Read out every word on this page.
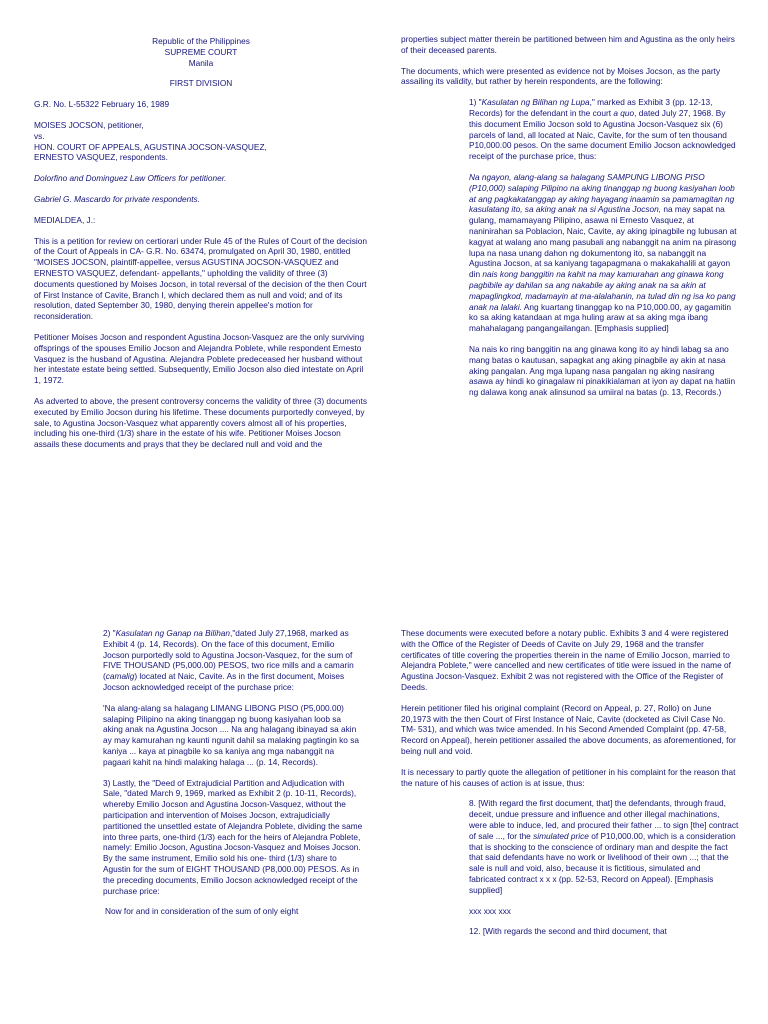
Republic of the Philippines
SUPREME COURT
Manila

FIRST DIVISION

G.R. No. L-55322 February 16, 1989

MOISES JOCSON, petitioner,
vs.
HON. COURT OF APPEALS, AGUSTINA JOCSON-VASQUEZ, ERNESTO VASQUEZ, respondents.

Dolorfino and Dominguez Law Officers for petitioner.

Gabriel G. Mascardo for private respondents.

MEDIALDEA, J.:

This is a petition for review on certiorari under Rule 45 of the Rules of Court of the decision of the Court of Appeals in CA- G.R. No. 63474, promulgated on April 30, 1980, entitled "MOISES JOCSON, plaintiff-appellee, versus AGUSTINA JOCSON-VASQUEZ and ERNESTO VASQUEZ, defendant- appellants," upholding the validity of three (3) documents questioned by Moises Jocson, in total reversal of the decision of the then Court of First Instance of Cavite, Branch I, which declared them as null and void; and of its resolution, dated September 30, 1980, denying therein appellee's motion for reconsideration.

Petitioner Moises Jocson and respondent Agustina Jocson-Vasquez are the only surviving offsprings of the spouses Emilio Jocson and Alejandra Poblete, while respondent Ernesto Vasquez is the husband of Agustina. Alejandra Poblete predeceased her husband without her intestate estate being settled. Subsequently, Emilio Jocson also died intestate on April 1, 1972.

As adverted to above, the present controversy concerns the validity of three (3) documents executed by Emilio Jocson during his lifetime. These documents purportedly conveyed, by sale, to Agustina Jocson-Vasquez what apparently covers almost all of his properties, including his one-third (1/3) share in the estate of his wife. Petitioner Moises Jocson assails these documents and prays that they be declared null and void and the

properties subject matter therein be partitioned between him and Agustina as the only heirs of their deceased parents.

The documents, which were presented as evidence not by Moises Jocson, as the party assailing its validity, but rather by herein respondents, are the following:

1) "Kasulatan ng Bilihan ng Lupa," marked as Exhibit 3 (pp. 12-13, Records) for the defendant in the court a quo, dated July 27, 1968. By this document Emilio Jocson sold to Agustina Jocson-Vasquez six (6) parcels of land, all located at Naic, Cavite, for the sum of ten thousand P10,000.00 pesos. On the same document Emilio Jocson acknowledged receipt of the purchase price, thus:

Na ngayon, alang-alang sa halagang SAMPUNG LIBONG PISO (P10,000) salaping Pilipino na aking tinanggap ng buong kasiyahan loob at ang pagkakatanggap ay aking hayagang inaamin sa pamamagitan ng kasulatang ito, sa aking anak na si Agustina Jocson, na may sapat na gulang, mamamayang Pilipino, asawa ni Ernesto Vasquez, at naninirahan sa Poblacion, Naic, Cavite, ay aking ipinagbile ng lubusan at kagyat at walang ano mang pasubali ang nabanggit na anim na pirasong lupa na nasa unang dahon ng dokumentong ito, sa nabanggit na Agustina Jocson, at sa kaniyang tagapagmana o makakahalili at gayon din nais kong banggitin na kahit na may kamurahan ang ginawa kong pagbibile ay dahilan sa ang nakabile ay aking anak na sa akin at mapaglingkod, madamayin at ma-alalahanin, na tulad din ng isa ko pang anak na lalaki. Ang kuartang tinanggap ko na P10,000.00, ay gagamitin ko sa aking katandaan at mga huling araw at sa aking mga ibang mahahalagang pangangailangan. [Emphasis supplied]

Na nais ko ring banggitin na ang ginawa kong ito ay hindi labag sa ano mang batas o kautusan, sapagkat ang aking pinagbile ay akin at nasa aking pangalan. Ang mga lupang nasa pangalan ng aking nasirang asawa ay hindi ko ginagalaw ni pinakikialaman at iyon ay dapat na hatiin ng dalawa kong anak alinsunod sa umiiral na batas (p. 13, Records.)

2) "Kasulatan ng Ganap na Bilihan,"dated July 27,1968, marked as Exhibit 4 (p. 14, Records). On the face of this document, Emilio Jocson purportedly sold to Agustina Jocson-Vasquez, for the sum of FIVE THOUSAND (P5,000.00) PESOS, two rice mills and a camarin (camalig) located at Naic, Cavite. As in the first document, Moises Jocson acknowledged receipt of the purchase price:

'Na alang-alang sa halagang LIMANG LIBONG PISO (P5,000.00) salaping Pilipino na aking tinanggap ng buong kasiyahan loob sa aking anak na Agustina Jocson .... Na ang halagang ibinayad sa akin ay may kamurahan ng kaunti ngunit dahil sa malaking pagtingin ko sa kaniya ... kaya at pinagbile ko sa kaniya ang mga nabanggit na pagaari kahit na hindi malaking halaga ... (p. 14, Records).

3) Lastly, the "Deed of Extrajudicial Partition and Adjudication with Sale, "dated March 9, 1969, marked as Exhibit 2 (p. 10-11, Records), whereby Emilio Jocson and Agustina Jocson-Vasquez, without the participation and intervention of Moises Jocson, extrajudicially partitioned the unsettled estate of Alejandra Poblete, dividing the same into three parts, one-third (1/3) each for the heirs of Alejandra Poblete, namely: Emilio Jocson, Agustina Jocson-Vasquez and Moises Jocson. By the same instrument, Emilio sold his one- third (1/3) share to Agustin for the sum of EIGHT THOUSAND (P8,000.00) PESOS. As in the preceding documents, Emilio Jocson acknowledged receipt of the purchase price:

Now for and in consideration of the sum of only eight

These documents were executed before a notary public. Exhibits 3 and 4 were registered with the Office of the Register of Deeds of Cavite on July 29, 1968 and the transfer certificates of title covering the properties therein in the name of Emilio Jocson, married to Alejandra Poblete," were cancelled and new certificates of title were issued in the name of Agustina Jocson-Vasquez. Exhibit 2 was not registered with the Office of the Register of Deeds.

Herein petitioner filed his original complaint (Record on Appeal, p. 27, Rollo) on June 20,1973 with the then Court of First Instance of Naic, Cavite (docketed as Civil Case No. TM- 531), and which was twice amended. In his Second Amended Complaint (pp. 47-58, Record on Appeal), herein petitioner assailed the above documents, as aforementioned, for being null and void.

It is necessary to partly quote the allegation of petitioner in his complaint for the reason that the nature of his causes of action is at issue, thus:

8. [With regard the first document, that] the defendants, through fraud, deceit, undue pressure and influence and other illegal machinations, were able to induce, led, and procured their father ... to sign [the] contract of sale ..., for the simulated price of P10,000.00, which is a consideration that is shocking to the conscience of ordinary man and despite the fact that said defendants have no work or livelihood of their own ...; that the sale is null and void, also, because it is fictitious, simulated and fabricated contract x x x (pp. 52-53, Record on Appeal). [Emphasis supplied]

xxx xxx xxx

12. [With regards the second and third document, that
